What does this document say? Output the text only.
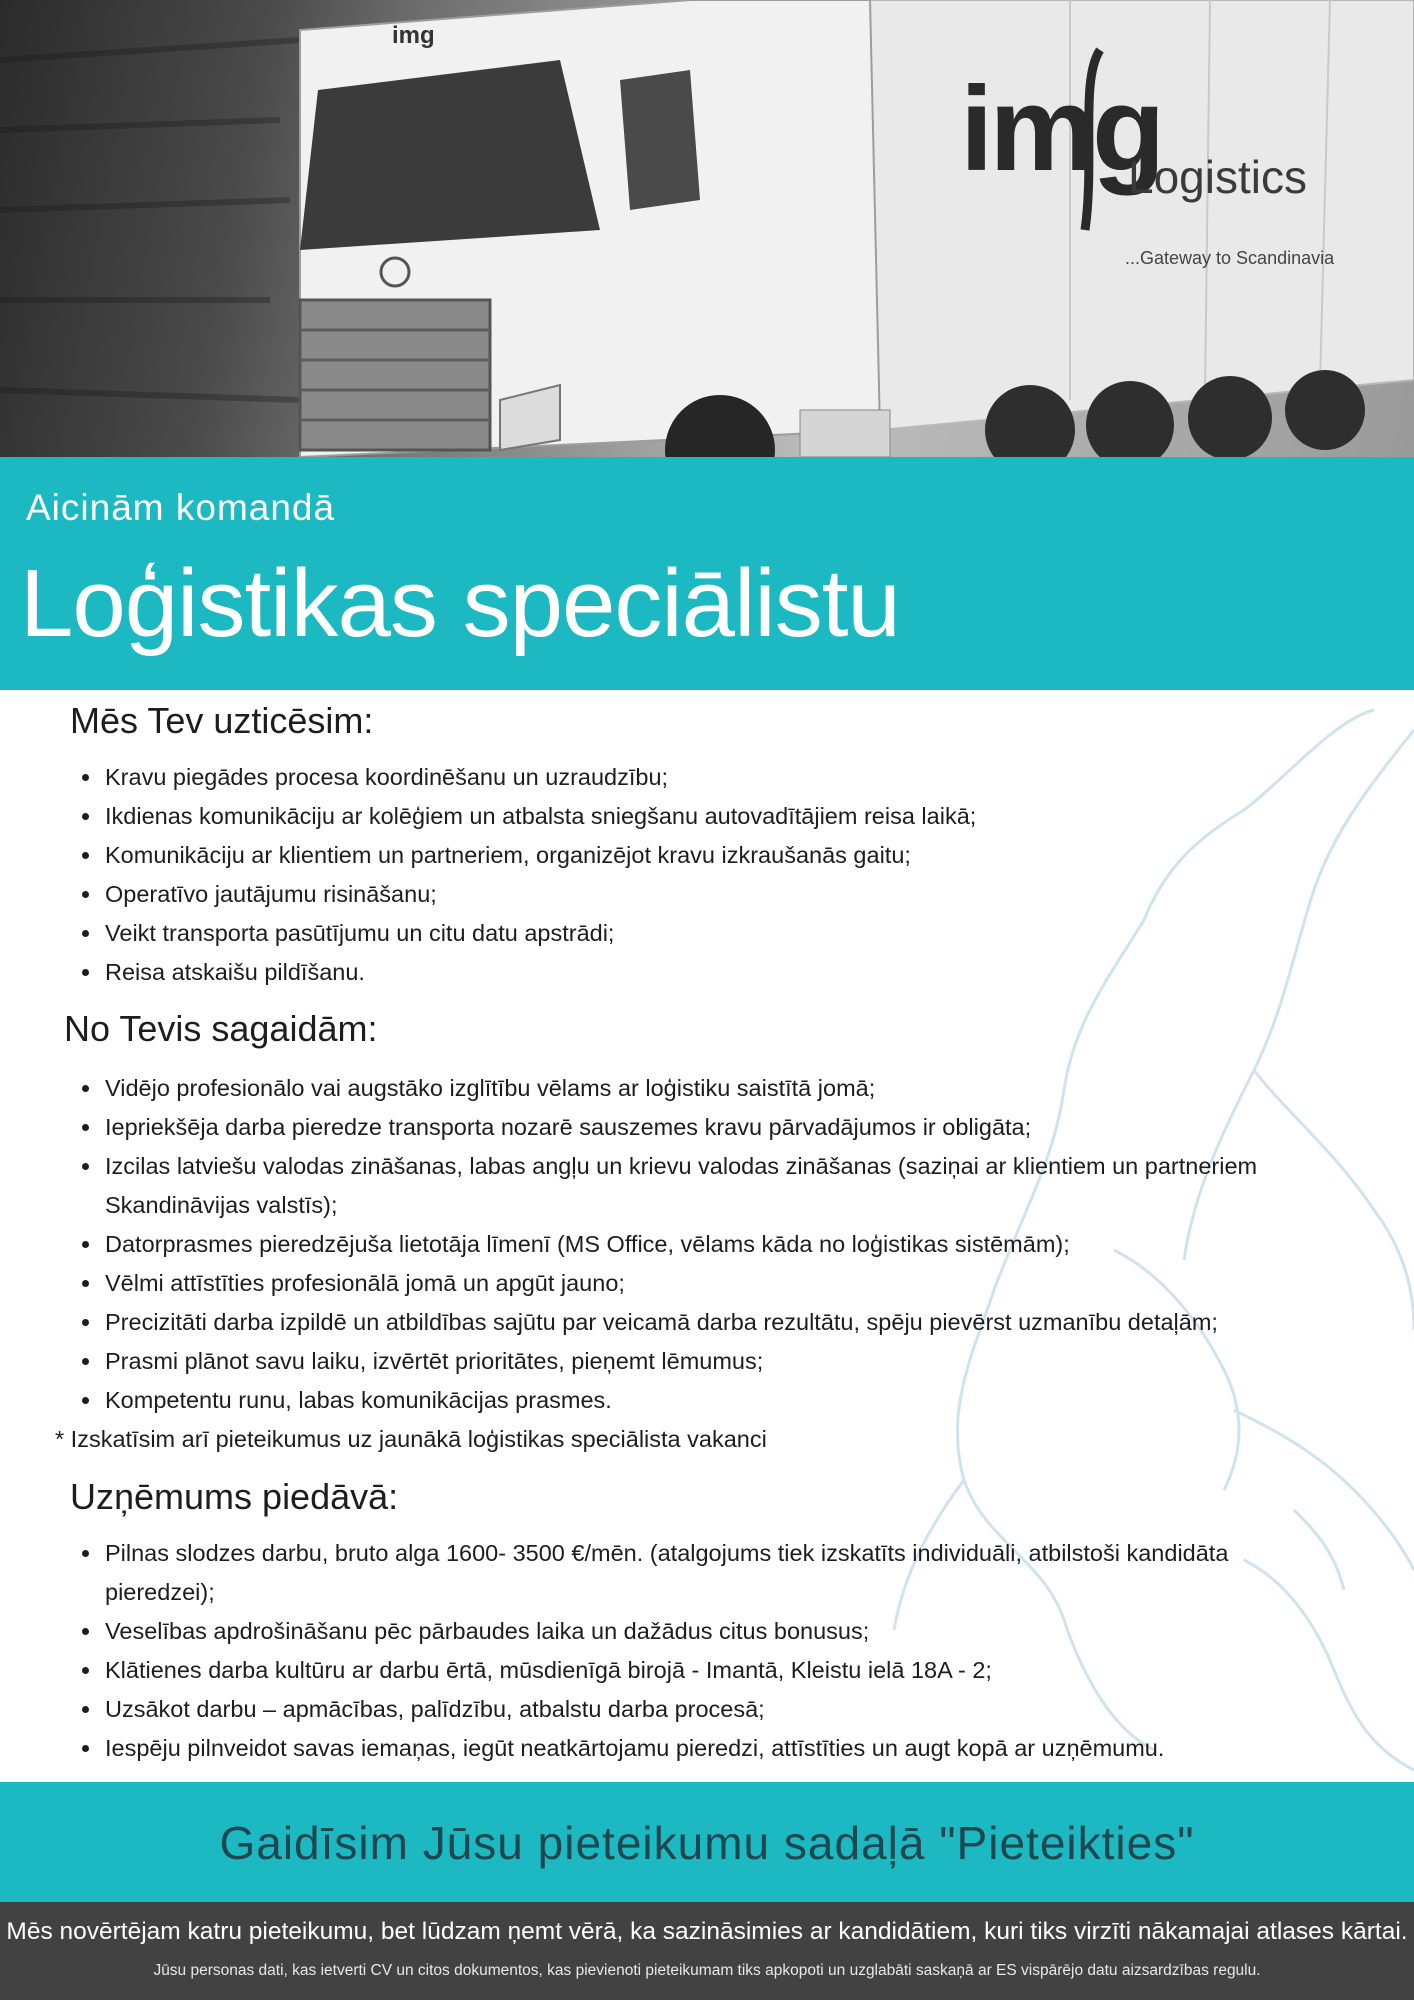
img
Logistics
...Gateway to Scandinavia
img
Aicinām komandā
Loģistikas speciālistu
Mēs Tev uzticēsim:
• Kravu piegādes procesa koordinēšanu un uzraudzību;
• Ikdienas komunikāciju ar kolēģiem un atbalsta sniegšanu autovadītājiem reisa laikā;
• Komunikāciju ar klientiem un partneriem, organizējot kravu izkraušanās gaitu;
• Operatīvo jautājumu risināšanu;
• Veikt transporta pasūtījumu un citu datu apstrādi;
• Reisa atskaišu pildīšanu.
No Tevis sagaidām:
• Vidējo profesionālo vai augstāko izglītību vēlams ar loģistiku saistītā jomā;
• Iepriekšēja darba pieredze transporta nozarē sauszemes kravu pārvadājumos ir obligāta;
• Izcilas latviešu valodas zināšanas, labas angļu un krievu valodas zināšanas (saziņai ar klientiem un partneriem Skandināvijas valstīs);
• Datorprasmes pieredzējuša lietotāja līmenī (MS Office, vēlams kāda no loģistikas sistēmām);
• Vēlmi attīstīties profesionālā jomā un apgūt jauno;
• Precizitāti darba izpildē un atbildības sajūtu par veicamā darba rezultātu, spēju pievērst uzmanību detaļām;
• Prasmi plānot savu laiku, izvērtēt prioritātes, pieņemt lēmumus;
• Kompetentu runu, labas komunikācijas prasmes.
* Izskatīsim arī pieteikumus uz jaunākā loģistikas speciālista vakanci
Uzņēmums piedāvā:
• Pilnas slodzes darbu, bruto alga 1600- 3500 €/mēn. (atalgojums tiek izskatīts individuāli, atbilstoši kandidāta pieredzei);
• Veselības apdrošināšanu pēc pārbaudes laika un dažādus citus bonusus;
• Klātienes darba kultūru ar darbu ērtā, mūsdienīgā birojā - Imantā, Kleistu ielā 18A - 2;
• Uzsākot darbu – apmācības, palīdzību, atbalstu darba procesā;
• Iespēju pilnveidot savas iemaņas, iegūt neatkārtojamu pieredzi, attīstīties un augt kopā ar uzņēmumu.
Gaidīsim Jūsu pieteikumu sadaļā "Pieteikties"
Mēs novērtējam katru pieteikumu, bet lūdzam ņemt vērā, ka sazināsimies ar kandidātiem, kuri tiks virzīti nākamajai atlases kārtai.
Jūsu personas dati, kas ietverti CV un citos dokumentos, kas pievienoti pieteikumam tiks apkopoti un uzglabāti saskaņā ar ES vispārējo datu aizsardzības regulu.
